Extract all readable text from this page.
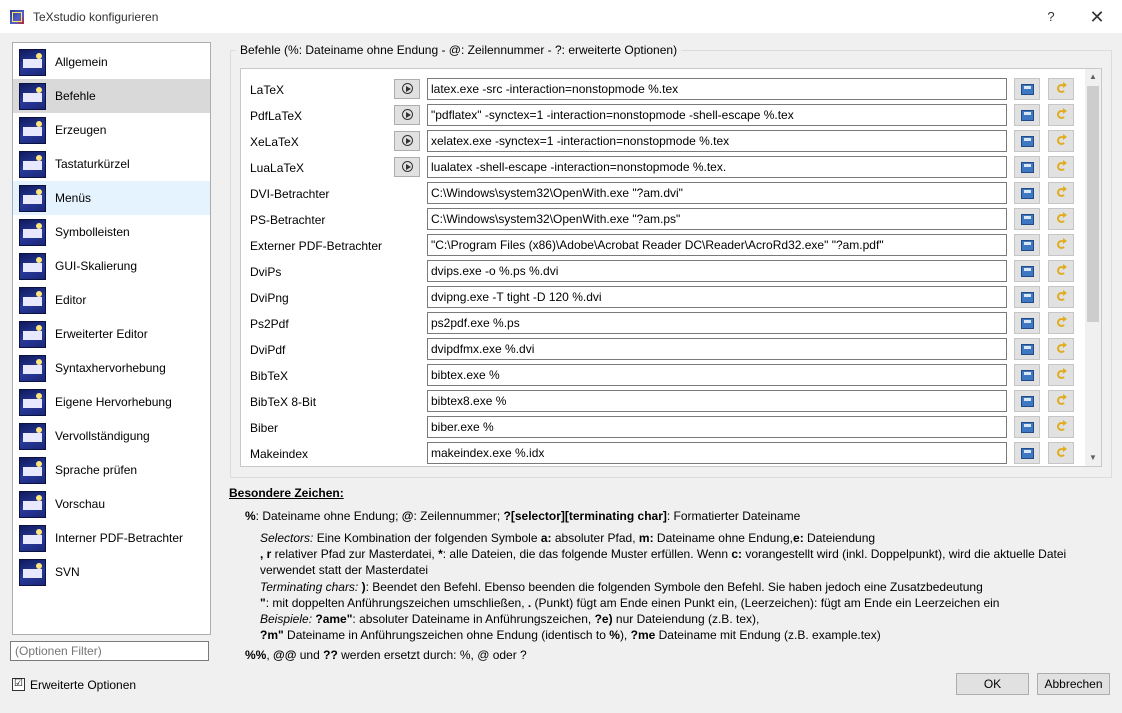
TeXstudio konfigurieren	?	✕
Allgemein
Befehle
Erzeugen
Tastaturkürzel
Menüs
Symbolleisten
GUI-Skalierung
Editor
Erweiterter Editor
Syntaxhervorhebung
Eigene Hervorhebung
Vervollständigung
Sprache prüfen
Vorschau
Interner PDF-Betrachter
SVN
(Optionen Filter)
☑ Erweiterte Optionen
Befehle (%: Dateiname ohne Endung - @: Zeilennummer - ?: erweiterte Optionen)
LaTeX	latex.exe -src -interaction=nonstopmode %.tex
PdfLaTeX	"pdflatex" -synctex=1 -interaction=nonstopmode -shell-escape %.tex
XeLaTeX	xelatex.exe -synctex=1 -interaction=nonstopmode %.tex
LuaLaTeX	lualatex -shell-escape -interaction=nonstopmode %.tex.
DVI-Betrachter	C:\Windows\system32\OpenWith.exe "?am.dvi"
PS-Betrachter	C:\Windows\system32\OpenWith.exe "?am.ps"
Externer PDF-Betrachter	"C:\Program Files (x86)\Adobe\Acrobat Reader DC\Reader\AcroRd32.exe" "?am.pdf"
DviPs	dvips.exe -o %.ps %.dvi
DviPng	dvipng.exe -T tight -D 120 %.dvi
Ps2Pdf	ps2pdf.exe %.ps
DviPdf	dvipdfmx.exe %.dvi
BibTeX	bibtex.exe %
BibTeX 8-Bit	bibtex8.exe %
Biber	biber.exe %
Makeindex	makeindex.exe %.idx
▲
▼
Besondere Zeichen:
%: Dateiname ohne Endung; @: Zeilennummer; ?[selector][terminating char]: Formatierter Dateiname

Selectors: Eine Kombination der folgenden Symbole a: absoluter Pfad, m: Dateiname ohne Endung,e: Dateiendung
, r relativer Pfad zur Masterdatei, *: alle Dateien, die das folgende Muster erfüllen. Wenn c: vorangestellt wird (inkl. Doppelpunkt), wird die aktuelle Datei verwendet statt der Masterdatei

Terminating chars: ): Beendet den Befehl. Ebenso beenden die folgenden Symbole den Befehl. Sie haben jedoch eine Zusatzbedeutung

": mit doppelten Anführungszeichen umschließen, . (Punkt) fügt am Ende einen Punkt ein, (Leerzeichen): fügt am Ende ein Leerzeichen ein

Beispiele: ?ame": absoluter Dateiname in Anführungszeichen, ?e) nur Dateiendung (z.B. tex),

?m" Dateiname in Anführungszeichen ohne Endung (identisch to %), ?me Dateiname mit Endung (z.B. example.tex)

%%, @@ und ?? werden ersetzt durch: %, @ oder ?
OK	Abbrechen
